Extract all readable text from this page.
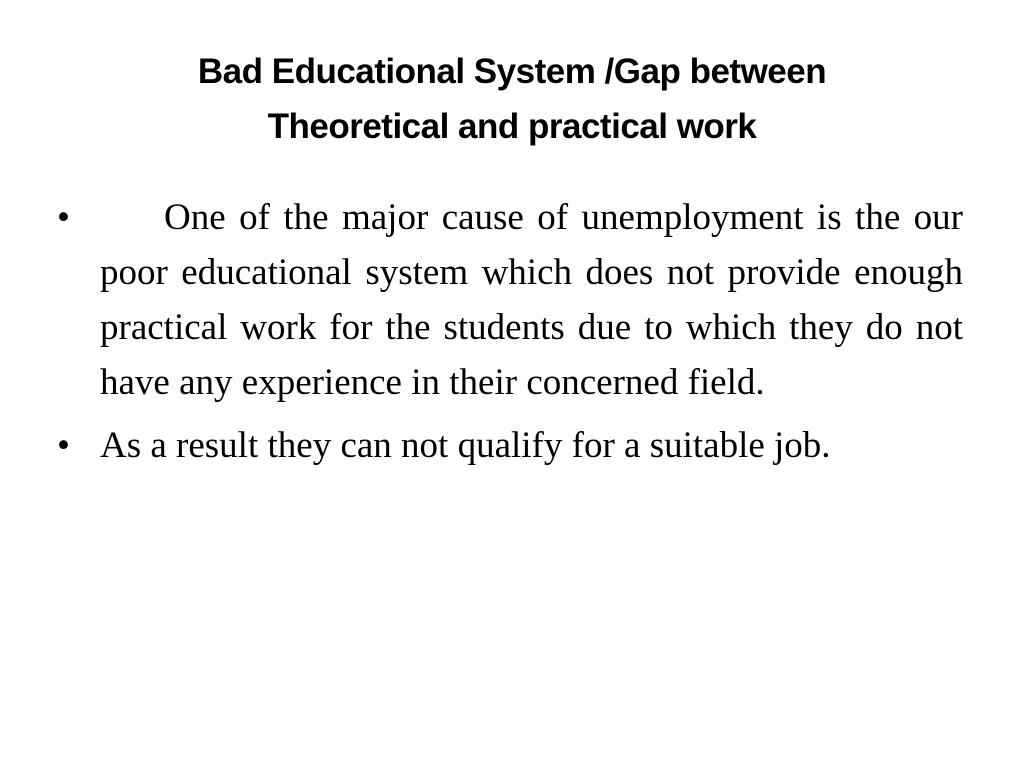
Bad Educational System /Gap between
Theoretical and practical work
•	One of the major cause of unemployment is the our poor educational system which does not provide enough practical work for the students due to which they do not have any experience in their concerned field.
• As a result they can not qualify for a suitable job.
